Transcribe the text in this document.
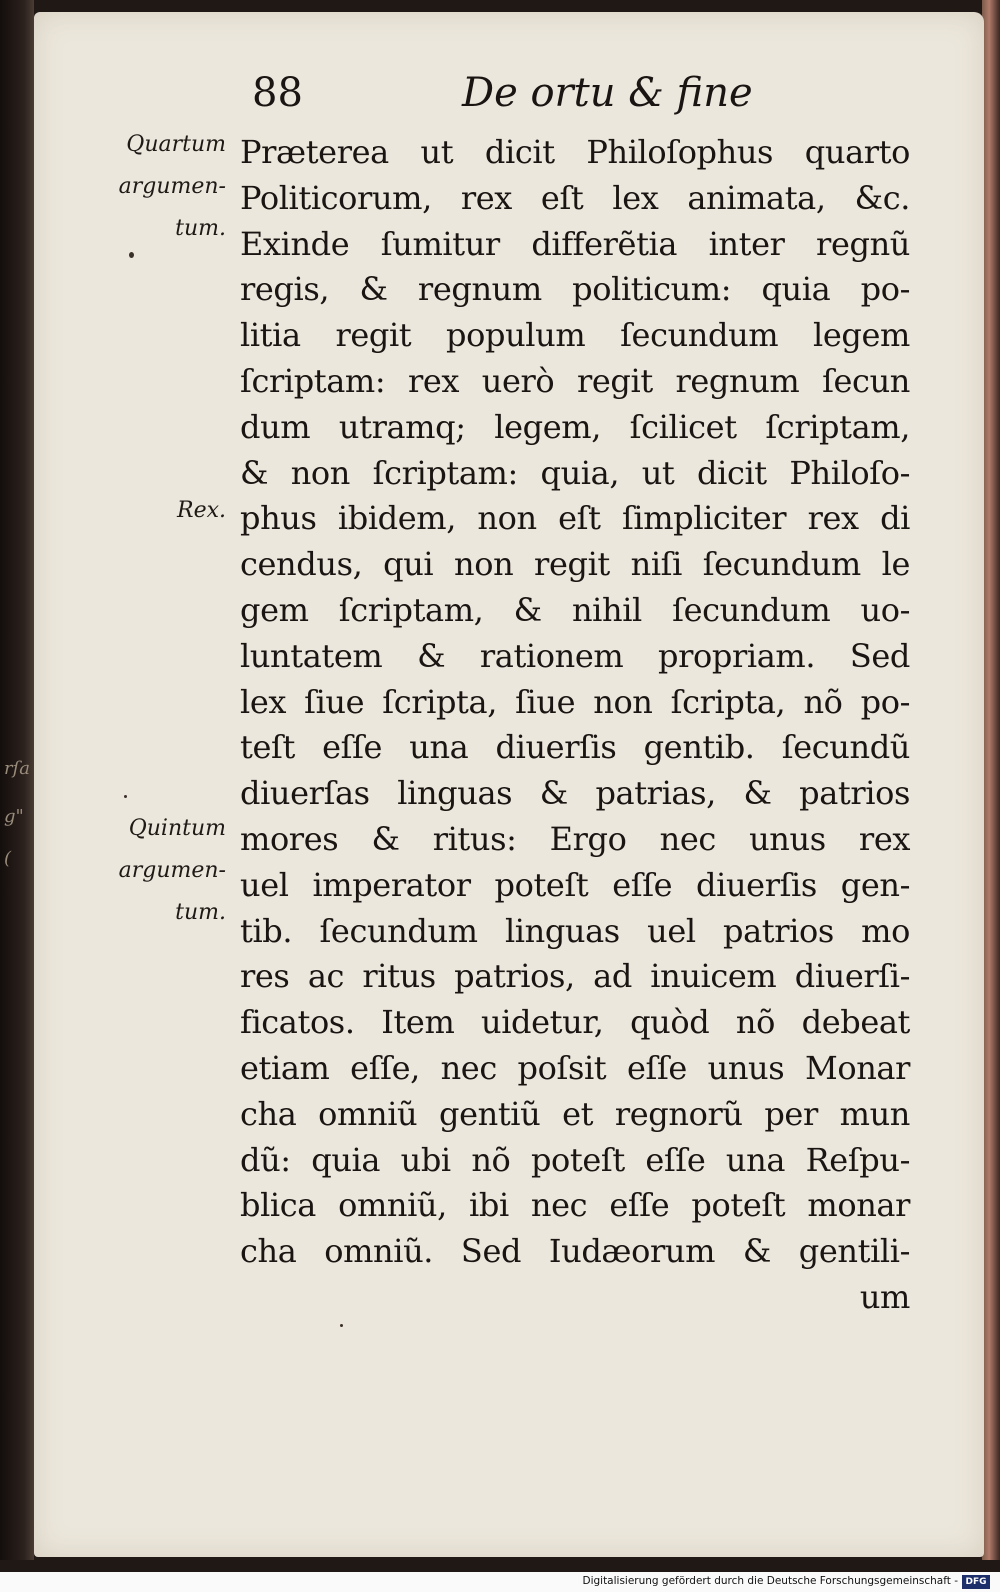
rſa
g"
(
88	De ortu & fine
Quartum
argumen-
tum.
Rex.
Quintum
argumen-
tum.
Præterea ut dicit Philoſophus quarto
Politicorum, rex eſt lex animata, &c.
Exinde ſumitur differẽtia inter regnũ
regis, & regnum politicum: quia po-
litia regit populum ſecundum legem
ſcriptam: rex uerò regit regnum ſecun
dum utramq; legem, ſcilicet ſcriptam,
& non ſcriptam: quia, ut dicit Philoſo-
phus ibidem, non eſt ſimpliciter rex di
cendus, qui non regit niſi ſecundum le
gem ſcriptam, & nihil ſecundum uo-
luntatem & rationem propriam. Sed
lex ſiue ſcripta, ſiue non ſcripta, nõ po-
teſt eſſe una diuerſis gentib. ſecundũ
diuerſas linguas & patrias, & patrios
mores & ritus: Ergo nec unus rex
uel imperator poteſt eſſe diuerſis gen-
tib. ſecundum linguas uel patrios mo
res ac ritus patrios, ad inuicem diuerſi-
ficatos. Item uidetur, quòd nõ debeat
etiam eſſe, nec poſsit eſſe unus Monar
cha omniũ gentiũ et regnorũ per mun
dũ: quia ubi nõ poteſt eſſe una Reſpu-
blica omniũ, ibi nec eſſe poteſt monar
cha omniũ. Sed Iudæorum & gentili-
um
Digitalisierung gefördert durch die Deutsche Forschungsgemeinschaft - DFG
